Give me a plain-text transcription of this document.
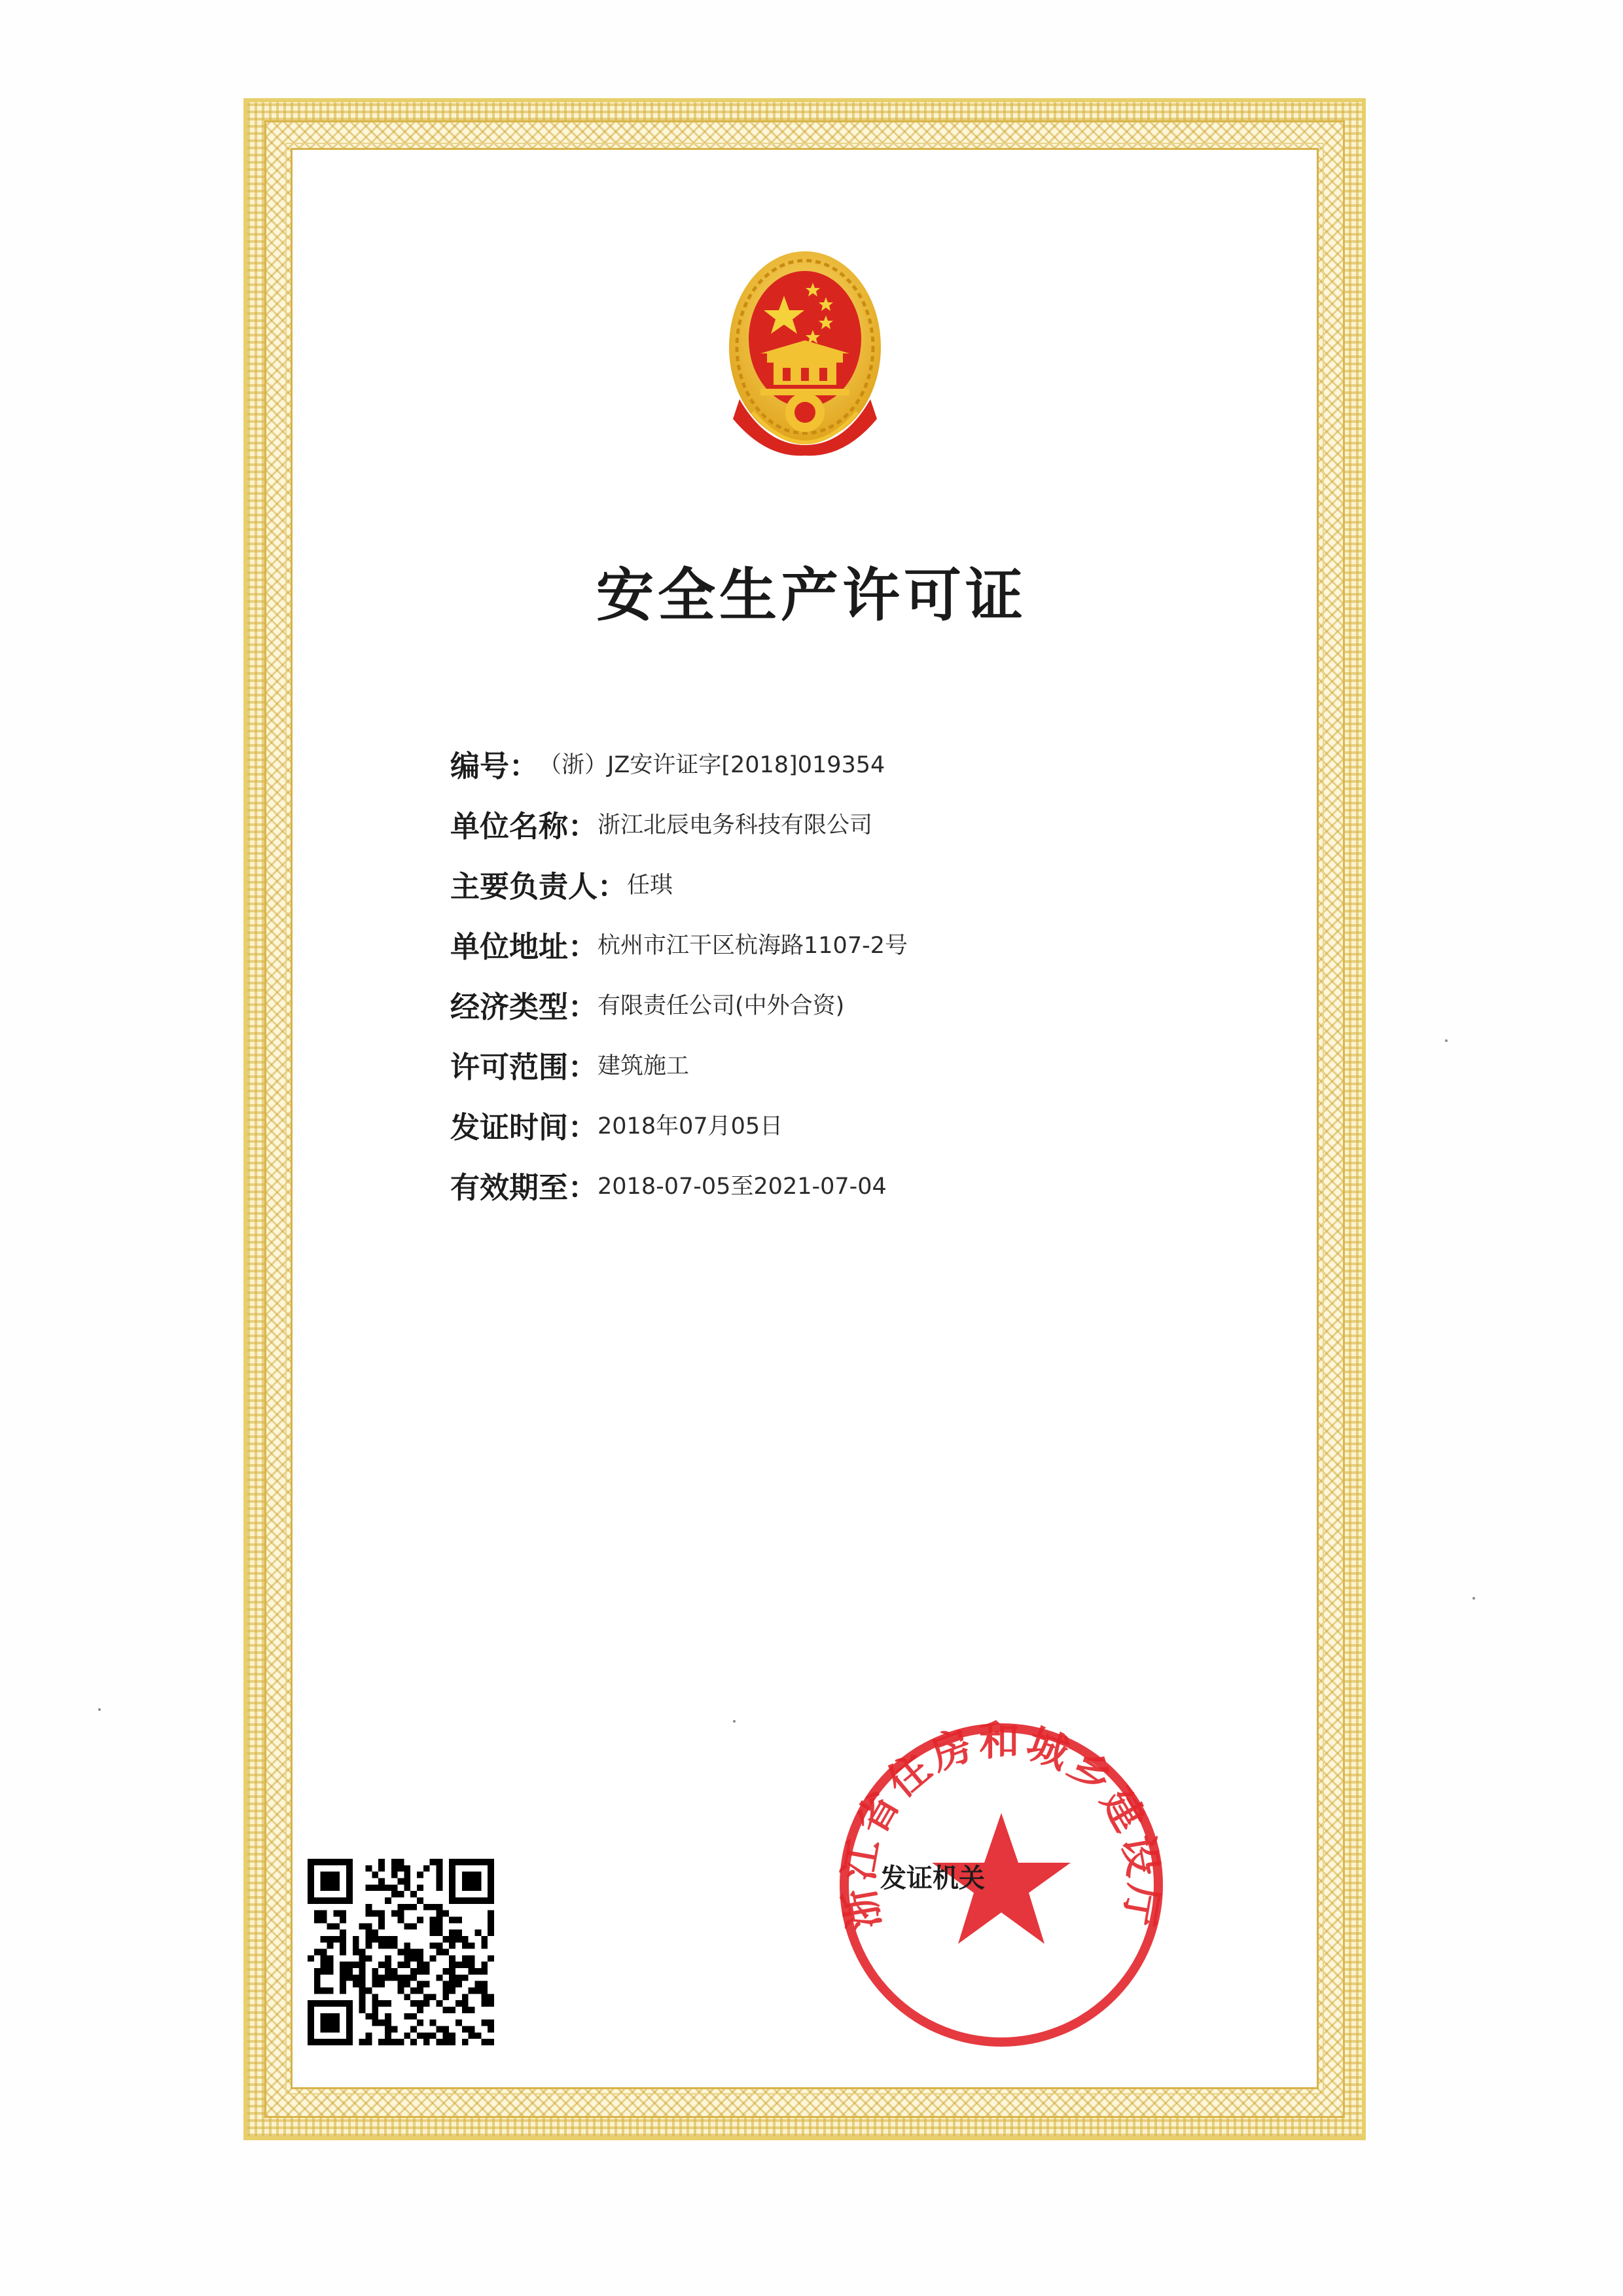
安全生产许可证
编号： （浙）JZ安许证字[2018]019354
单位名称： 浙江北辰电务科技有限公司
主要负责人： 任琪
单位地址： 杭州市江干区杭海路1107-2号
经济类型： 有限责任公司(中外合资)
许可范围： 建筑施工
发证时间： 2018年07月05日
有效期至： 2018-07-05至2021-07-04
浙江省住房和城乡建设厅
发证机关
